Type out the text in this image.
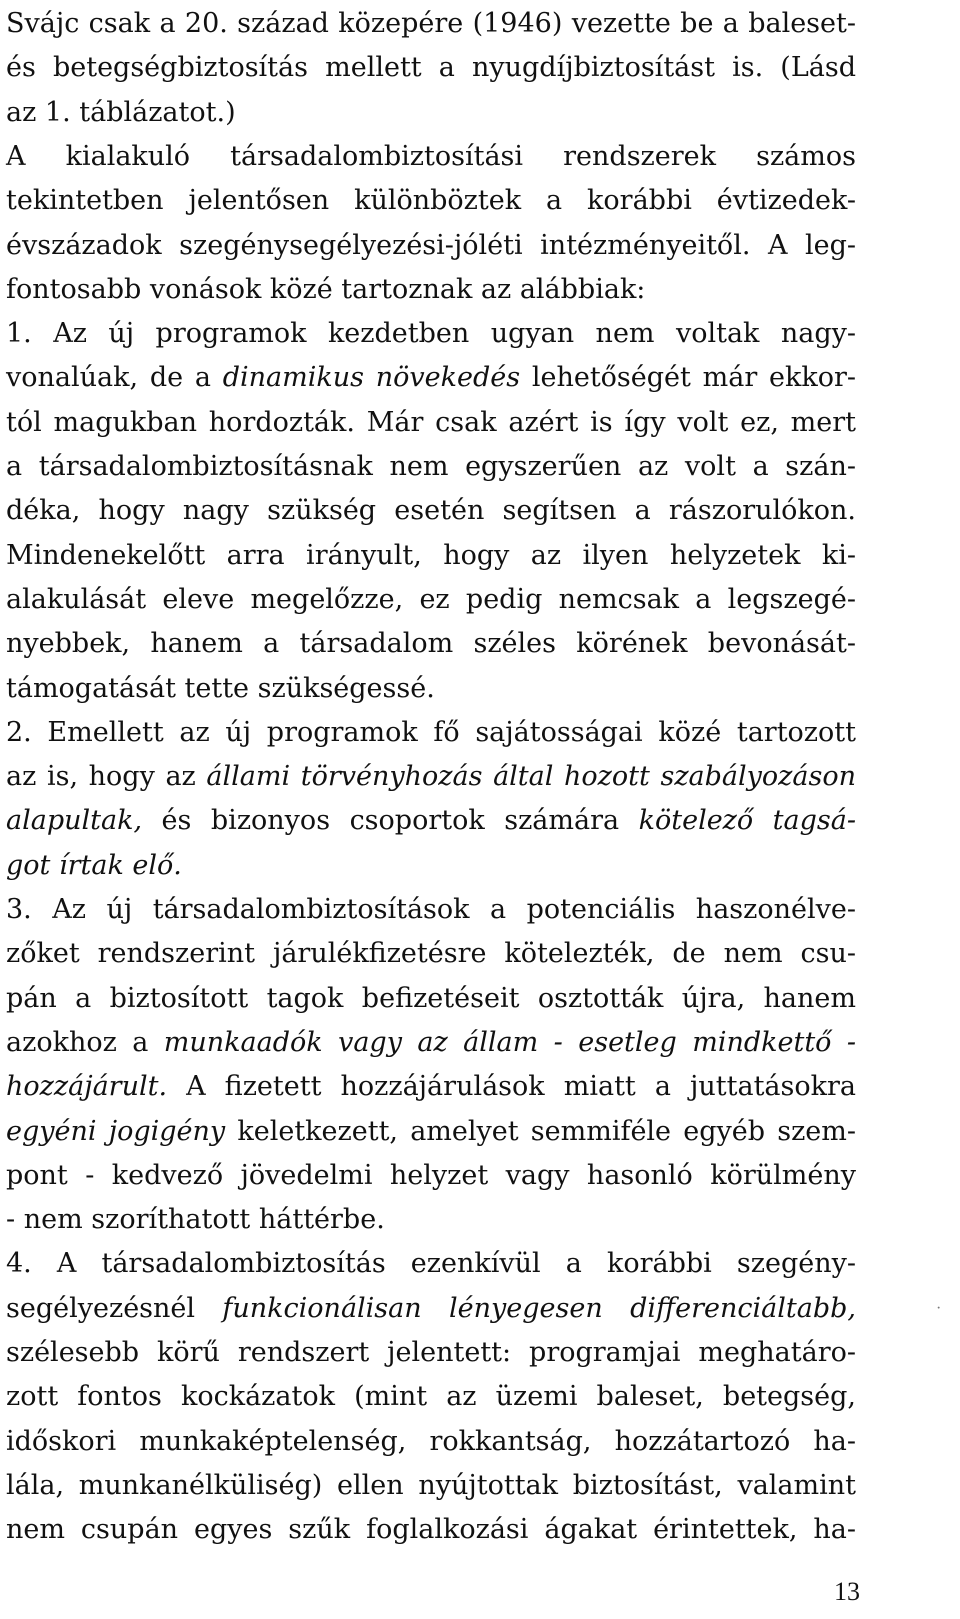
Svájc csak a 20. század közepére (1946) vezette be a baleset-
és betegségbiztosítás mellett a nyugdíjbiztosítást is. (Lásd
az 1. táblázatot.)
A kialakuló társadalombiztosítási rendszerek számos
tekintetben jelentősen különböztek a korábbi évtizedek-
évszázadok szegénysegélyezési-jóléti intézményeitől. A leg-
fontosabb vonások közé tartoznak az alábbiak:
1. Az új programok kezdetben ugyan nem voltak nagy-
vonalúak, de a dinamikus növekedés lehetőségét már ekkor-
tól magukban hordozták. Már csak azért is így volt ez, mert
a társadalombiztosításnak nem egyszerűen az volt a szán-
déka, hogy nagy szükség esetén segítsen a rászorulókon.
Mindenekelőtt arra irányult, hogy az ilyen helyzetek ki-
alakulását eleve megelőzze, ez pedig nemcsak a legszegé-
nyebbek, hanem a társadalom széles körének bevonását-
támogatását tette szükségessé.
2. Emellett az új programok fő sajátosságai közé tartozott
az is, hogy az állami törvényhozás által hozott szabályozáson
alapultak, és bizonyos csoportok számára kötelező tagsá-
got írtak elő.
3. Az új társadalombiztosítások a potenciális haszonélve-
zőket rendszerint járulékfizetésre kötelezték, de nem csu-
pán a biztosított tagok befizetéseit osztották újra, hanem
azokhoz a munkaadók vagy az állam - esetleg mindkettő -
hozzájárult. A fizetett hozzájárulások miatt a juttatásokra
egyéni jogigény keletkezett, amelyet semmiféle egyéb szem-
pont - kedvező jövedelmi helyzet vagy hasonló körülmény
- nem szoríthatott háttérbe.
4. A társadalombiztosítás ezenkívül a korábbi szegény-
segélyezésnél funkcionálisan lényegesen differenciáltabb,
szélesebb körű rendszert jelentett: programjai meghatáro-
zott fontos kockázatok (mint az üzemi baleset, betegség,
időskori munkaképtelenség, rokkantság, hozzátartozó ha-
lála, munkanélküliség) ellen nyújtottak biztosítást, valamint
nem csupán egyes szűk foglalkozási ágakat érintettek, ha-
13
·
